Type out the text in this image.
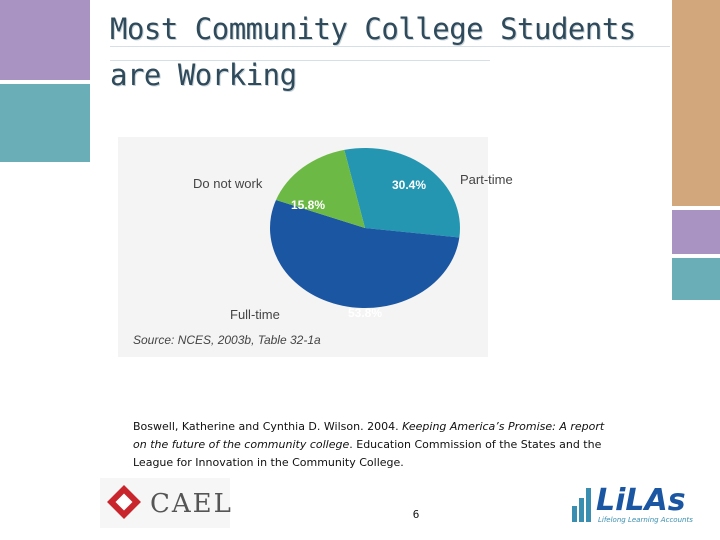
Most Community College Students
are Working
Do not work	Part-time
Full-time
30.4%
15.8%
53.8%
Source: NCES, 2003b, Table 32-1a
Boswell, Katherine and Cynthia D. Wilson. 2004. Keeping America’s Promise: A report on the future of the community college. Education Commission of the States and the League for Innovation in the Community College.
CAEL	6	LiLAs
Lifelong Learning Accounts
